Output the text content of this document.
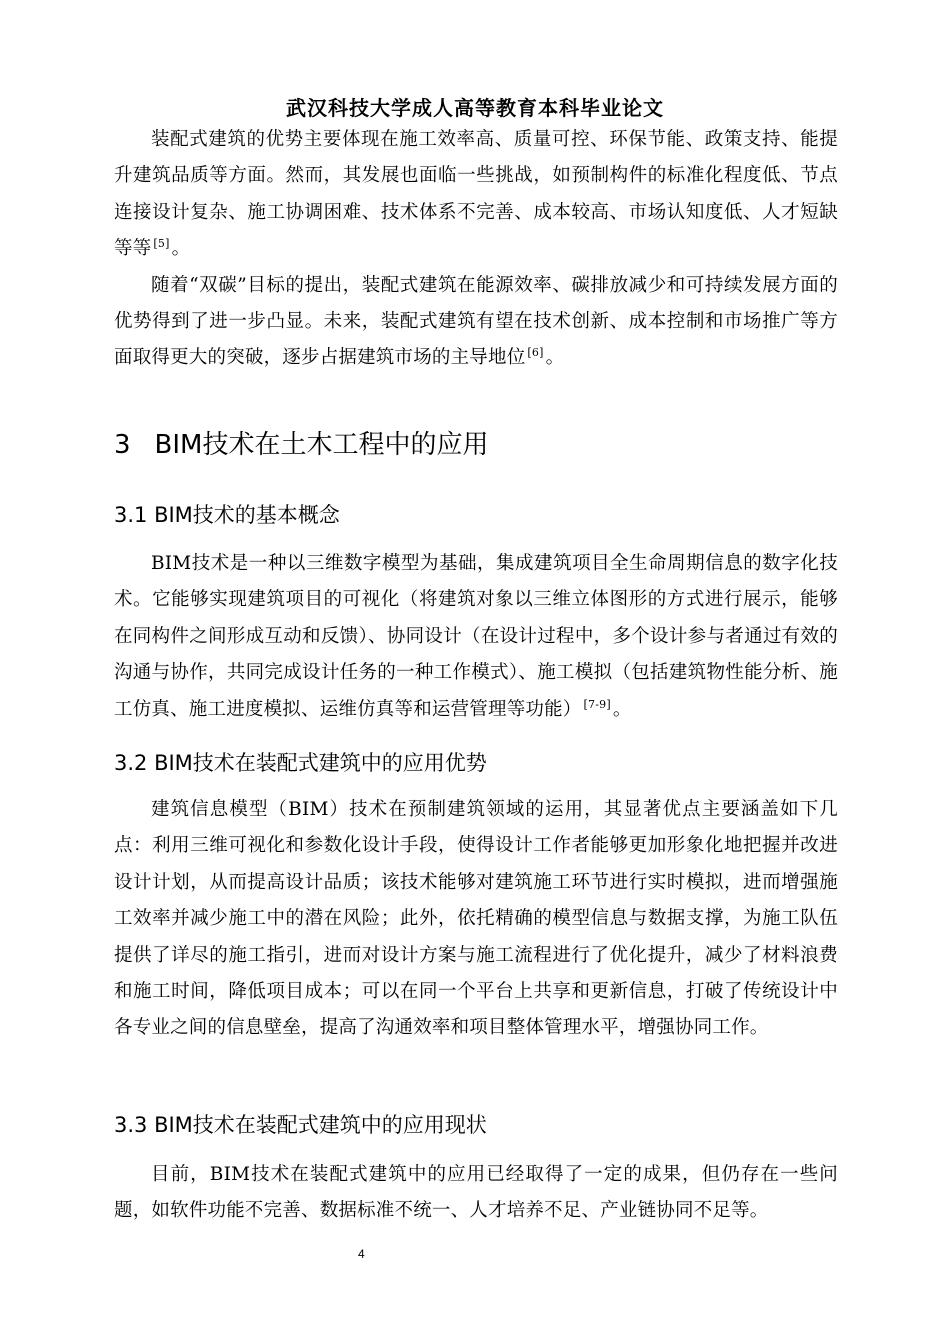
武汉科技大学成人高等教育本科毕业论文

装配式建筑的优势主要体现在施工效率高、质量可控、环保节能、政策支持、能提升建筑品质等方面。然而，其发展也面临一些挑战，如预制构件的标准化程度低、节点连接设计复杂、施工协调困难、技术体系不完善、成本较高、市场认知度低、人才短缺等等 [5] 。

随着“双碳”目标的提出，装配式建筑在能源效率、碳排放减少和可持续发展方面的优势得到了进一步凸显。未来，装配式建筑有望在技术创新、成本控制和市场推广等方面取得更大的突破，逐步占据建筑市场的主导地位 [6] 。

3 BIM技术在土木工程中的应用
3.1 BIM技术的基本概念

BIM技术是一种以三维数字模型为基础，集成建筑项目全生命周期信息的数字化技术。它能够实现建筑项目的可视化（将建筑对象以三维立体图形的方式进行展示，能够在同构件之间形成互动和反馈）、协同设计（在设计过程中，多个设计参与者通过有效的沟通与协作，共同完成设计任务的一种工作模式）、施工模拟（包括建筑物性能分析、施工仿真、施工进度模拟、运维仿真等和运营管理等功能） [7-9] 。

3.2 BIM技术在装配式建筑中的应用优势

建筑信息模型（BIM）技术在预制建筑领域的运用，其显著优点主要涵盖如下几点：利用三维可视化和参数化设计手段，使得设计工作者能够更加形象化地把握并改进设计计划，从而提高设计品质；该技术能够对建筑施工环节进行实时模拟，进而增强施工效率并减少施工中的潜在风险；此外，依托精确的模型信息与数据支撑，为施工队伍提供了详尽的施工指引，进而对设计方案与施工流程进行了优化提升，减少了材料浪费和施工时间，降低项目成本；可以在同一个平台上共享和更新信息，打破了传统设计中各专业之间的信息壁垒，提高了沟通效率和项目整体管理水平，增强协同工作。

3.3 BIM技术在装配式建筑中的应用现状

目前，BIM技术在装配式建筑中的应用已经取得了一定的成果，但仍存在一些问题，如软件功能不完善、数据标准不统一、人才培养不足、产业链协同不足等。

4
